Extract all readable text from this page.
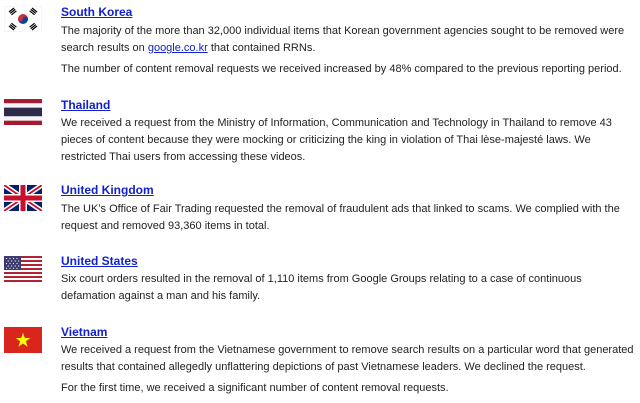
South Korea
The majority of the more than 32,000 individual items that Korean government agencies sought to be removed were search results on google.co.kr that contained RRNs.
The number of content removal requests we received increased by 48% compared to the previous reporting period.
Thailand
We received a request from the Ministry of Information, Communication and Technology in Thailand to remove 43 pieces of content because they were mocking or criticizing the king in violation of Thai lèse-majesté laws. We restricted Thai users from accessing these videos.
United Kingdom
The UK’s Office of Fair Trading requested the removal of fraudulent ads that linked to scams. We complied with the request and removed 93,360 items in total.
United States
Six court orders resulted in the removal of 1,110 items from Google Groups relating to a case of continuous defamation against a man and his family.
Vietnam
We received a request from the Vietnamese government to remove search results on a particular word that generated results that contained allegedly unflattering depictions of past Vietnamese leaders. We declined the request.
For the first time, we received a significant number of content removal requests.
